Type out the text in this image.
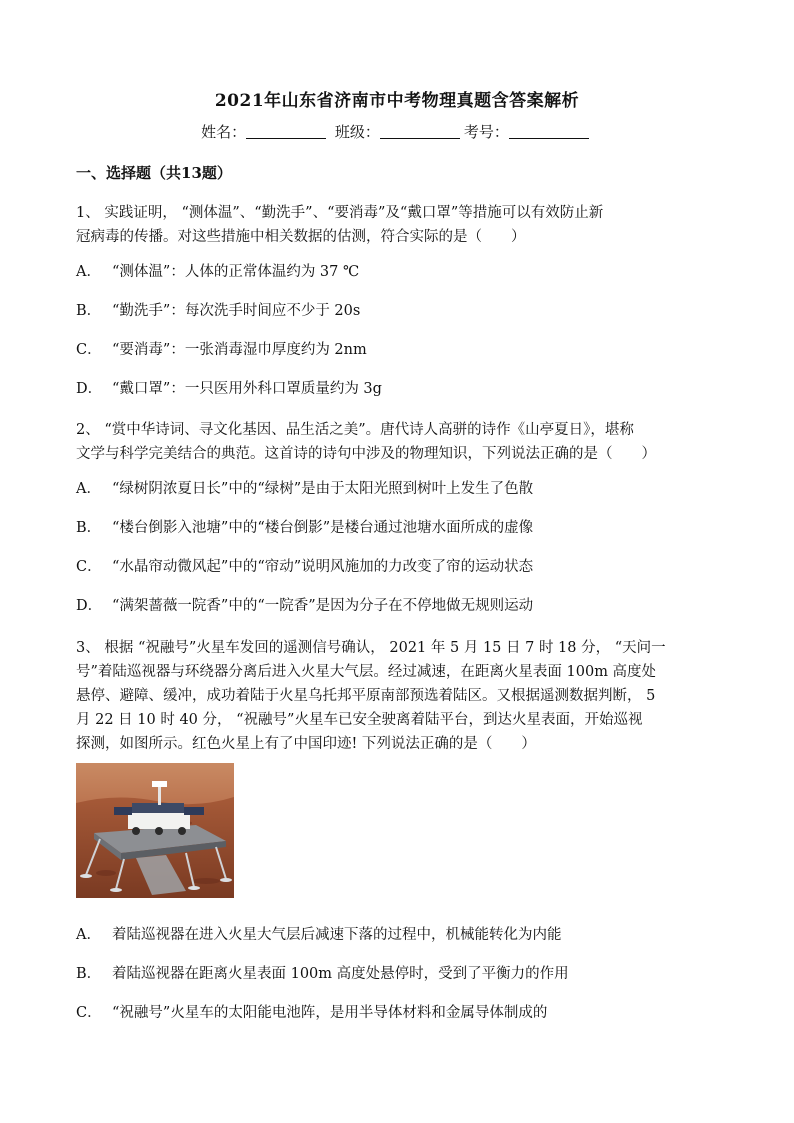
2021年山东省济南市中考物理真题含答案解析
姓名：	班级：	考号：
一、选择题（共13题）
1、 实践证明， “测体温”、“勤洗手”、“要消毒”及“戴口罩”等措施可以有效防止新
冠病毒的传播。对这些措施中相关数据的估测，符合实际的是（　　）
A． “测体温”：人体的正常体温约为 37 ℃
B． “勤洗手”：每次洗手时间应不少于 20s
C． “要消毒”：一张消毒湿巾厚度约为 2nm
D． “戴口罩”：一只医用外科口罩质量约为 3g
2、 “赏中华诗词、寻文化基因、品生活之美”。唐代诗人高骈的诗作《山亭夏日》，堪称
文学与科学完美结合的典范。这首诗的诗句中涉及的物理知识，下列说法正确的是（　　）
A． “绿树阴浓夏日长”中的“绿树”是由于太阳光照到树叶上发生了色散
B． “楼台倒影入池塘”中的“楼台倒影”是楼台通过池塘水面所成的虚像
C． “水晶帘动微风起”中的“帘动”说明风施加的力改变了帘的运动状态
D． “满架蔷薇一院香”中的“一院香”是因为分子在不停地做无规则运动
3、 根据 “祝融号”火星车发回的遥测信号确认， 2021 年 5 月 15 日 7 时 18 分， “天问一
号”着陆巡视器与环绕器分离后进入火星大气层。经过减速，在距离火星表面 100m 高度处
悬停、避障、缓冲，成功着陆于火星乌托邦平原南部预选着陆区。又根据遥测数据判断， 5
月 22 日 10 时 40 分， “祝融号”火星车已安全驶离着陆平台，到达火星表面，开始巡视
探测，如图所示。红色火星上有了中国印迹! 下列说法正确的是（　　）
A． 着陆巡视器在进入火星大气层后减速下落的过程中，机械能转化为内能
B． 着陆巡视器在距离火星表面 100m 高度处悬停时，受到了平衡力的作用
C． “祝融号”火星车的太阳能电池阵，是用半导体材料和金属导体制成的
